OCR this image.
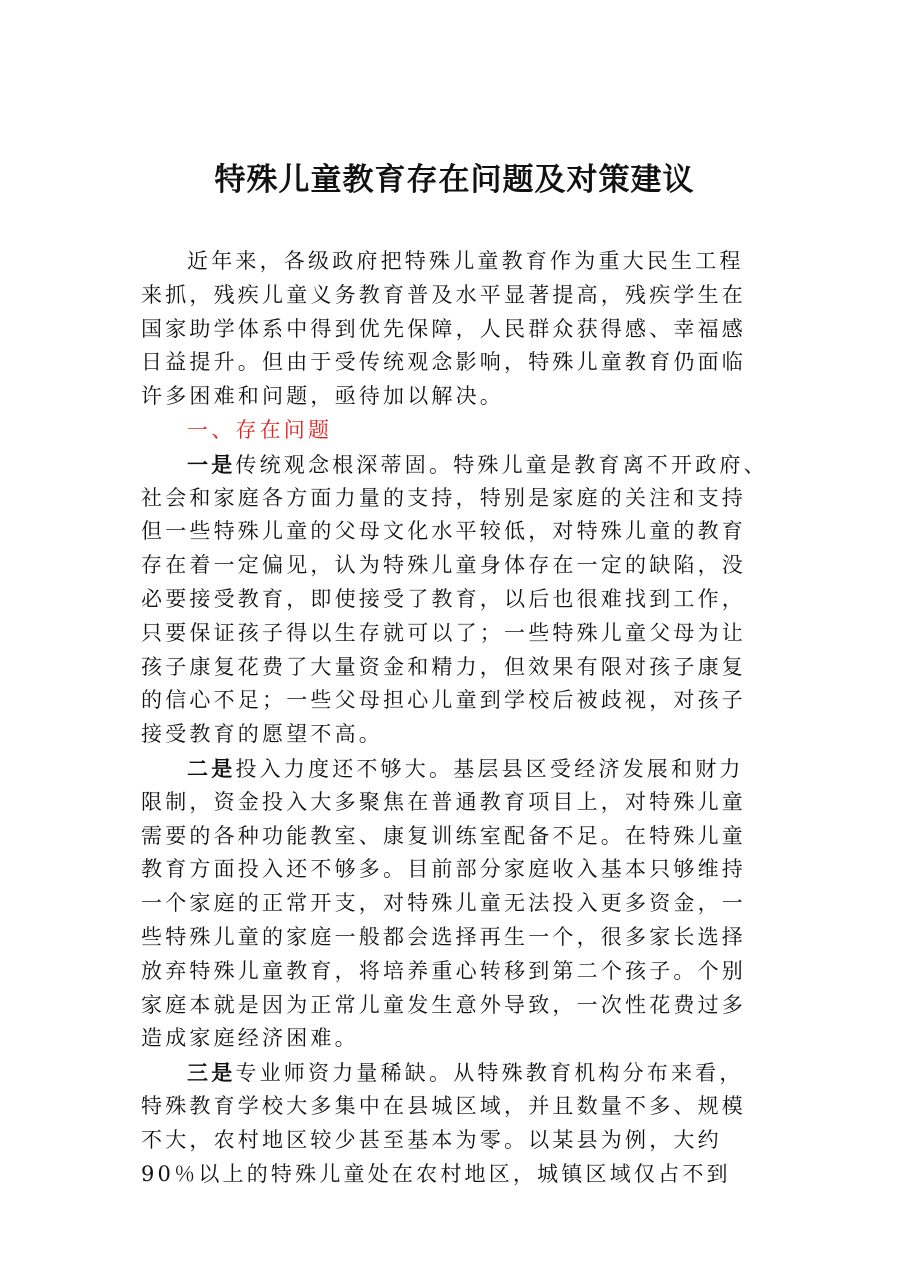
特殊儿童教育存在问题及对策建议
近年来，各级政府把特殊儿童教育作为重大民生工程
来抓，残疾儿童义务教育普及水平显著提高，残疾学生在
国家助学体系中得到优先保障，人民群众获得感、幸福感
日益提升。但由于受传统观念影响，特殊儿童教育仍面临
许多困难和问题，亟待加以解决。
一、存在问题
一是传统观念根深蒂固。特殊儿童是教育离不开政府、
社会和家庭各方面力量的支持，特别是家庭的关注和支持
但一些特殊儿童的父母文化水平较低，对特殊儿童的教育
存在着一定偏见，认为特殊儿童身体存在一定的缺陷，没
必要接受教育，即使接受了教育，以后也很难找到工作，
只要保证孩子得以生存就可以了；一些特殊儿童父母为让
孩子康复花费了大量资金和精力，但效果有限对孩子康复
的信心不足；一些父母担心儿童到学校后被歧视，对孩子
接受教育的愿望不高。
二是投入力度还不够大。基层县区受经济发展和财力
限制，资金投入大多聚焦在普通教育项目上，对特殊儿童
需要的各种功能教室、康复训练室配备不足。在特殊儿童
教育方面投入还不够多。目前部分家庭收入基本只够维持
一个家庭的正常开支，对特殊儿童无法投入更多资金，一
些特殊儿童的家庭一般都会选择再生一个，很多家长选择
放弃特殊儿童教育，将培养重心转移到第二个孩子。个别
家庭本就是因为正常儿童发生意外导致，一次性花费过多
造成家庭经济困难。
三是专业师资力量稀缺。从特殊教育机构分布来看，
特殊教育学校大多集中在县城区域，并且数量不多、规模
不大，农村地区较少甚至基本为零。以某县为例，大约
90％以上的特殊儿童处在农村地区，城镇区域仅占不到
